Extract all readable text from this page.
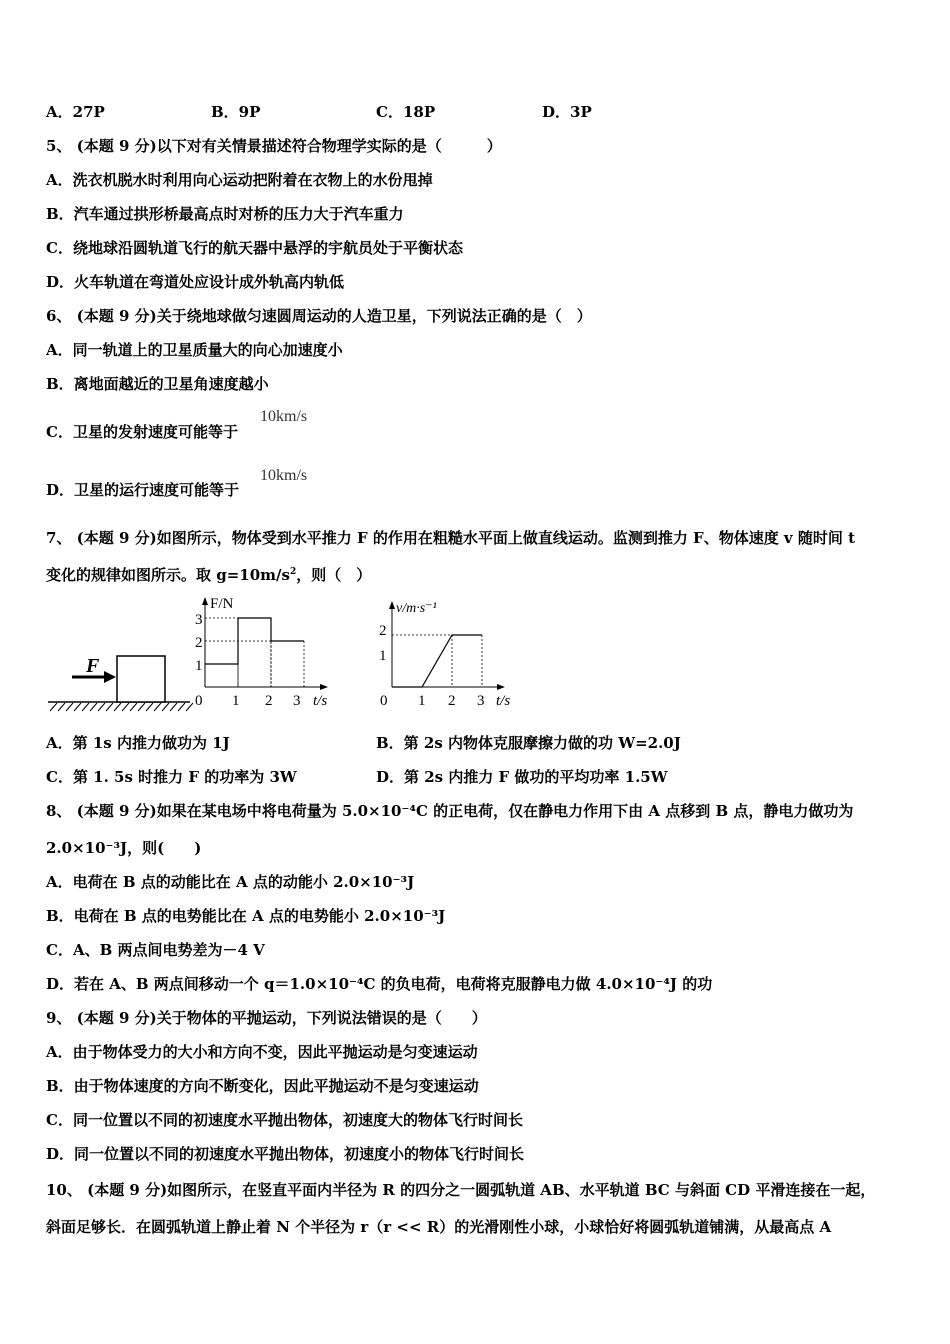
A．27P	B．9P	C．18P	D．3P
5、 (本题 9 分)以下对有关情景描述符合物理学实际的是（　　　）
A．洗衣机脱水时利用向心运动把附着在衣物上的水份甩掉
B．汽车通过拱形桥最高点时对桥的压力大于汽车重力
C．绕地球沿圆轨道飞行的航天器中悬浮的宇航员处于平衡状态
D．火车轨道在弯道处应设计成外轨高内轨低
6、 (本题 9 分)关于绕地球做匀速圆周运动的人造卫星，下列说法正确的是（　）
A．同一轨道上的卫星质量大的向心加速度小
B．离地面越近的卫星角速度越小
C．卫星的发射速度可能等于
10km/s
D．卫星的运行速度可能等于
10km/s
7、 (本题 9 分)如图所示，物体受到水平推力 F 的作用在粗糙水平面上做直线运动。监测到推力 F、物体速度 v 随时间 t
变化的规律如图所示。取 $g=10m/s^2$，则（　）
F
F/N
t/s
1
2
3
0 1 2 3
v/m·s⁻¹
t/s
1
2
0 1 2 3
A．第 1s 内推力做功为 1J	B．第 2s 内物体克服摩擦力做的功 W=2.0J
C．第 1. 5s 时推力 F 的功率为 3W	D．第 2s 内推力 F 做功的平均功率 1.5W
8、 (本题 9 分)如果在某电场中将电荷量为 5.0×10⁻⁴C 的正电荷，仅在静电力作用下由 A 点移到 B 点，静电力做功为
2.0×10⁻³J，则(　　)
A．电荷在 B 点的动能比在 A 点的动能小 2.0×10⁻³J
B．电荷在 B 点的电势能比在 A 点的电势能小 2.0×10⁻³J
C．A、B 两点间电势差为－4 V
D．若在 A、B 两点间移动一个 q＝1.0×10⁻⁴C 的负电荷，电荷将克服静电力做 4.0×10⁻⁴J 的功
9、 (本题 9 分)关于物体的平抛运动，下列说法错误的是（　　）
A．由于物体受力的大小和方向不变，因此平抛运动是匀变速运动
B．由于物体速度的方向不断变化，因此平抛运动不是匀变速运动
C．同一位置以不同的初速度水平抛出物体，初速度大的物体飞行时间长
D．同一位置以不同的初速度水平抛出物体，初速度小的物体飞行时间长
10、 (本题 9 分)如图所示，在竖直平面内半径为 R 的四分之一圆弧轨道 AB、水平轨道 BC 与斜面 CD 平滑连接在一起，
斜面足够长．在圆弧轨道上静止着 N 个半径为 r（r << R）的光滑刚性小球，小球恰好将圆弧轨道铺满，从最高点 A
